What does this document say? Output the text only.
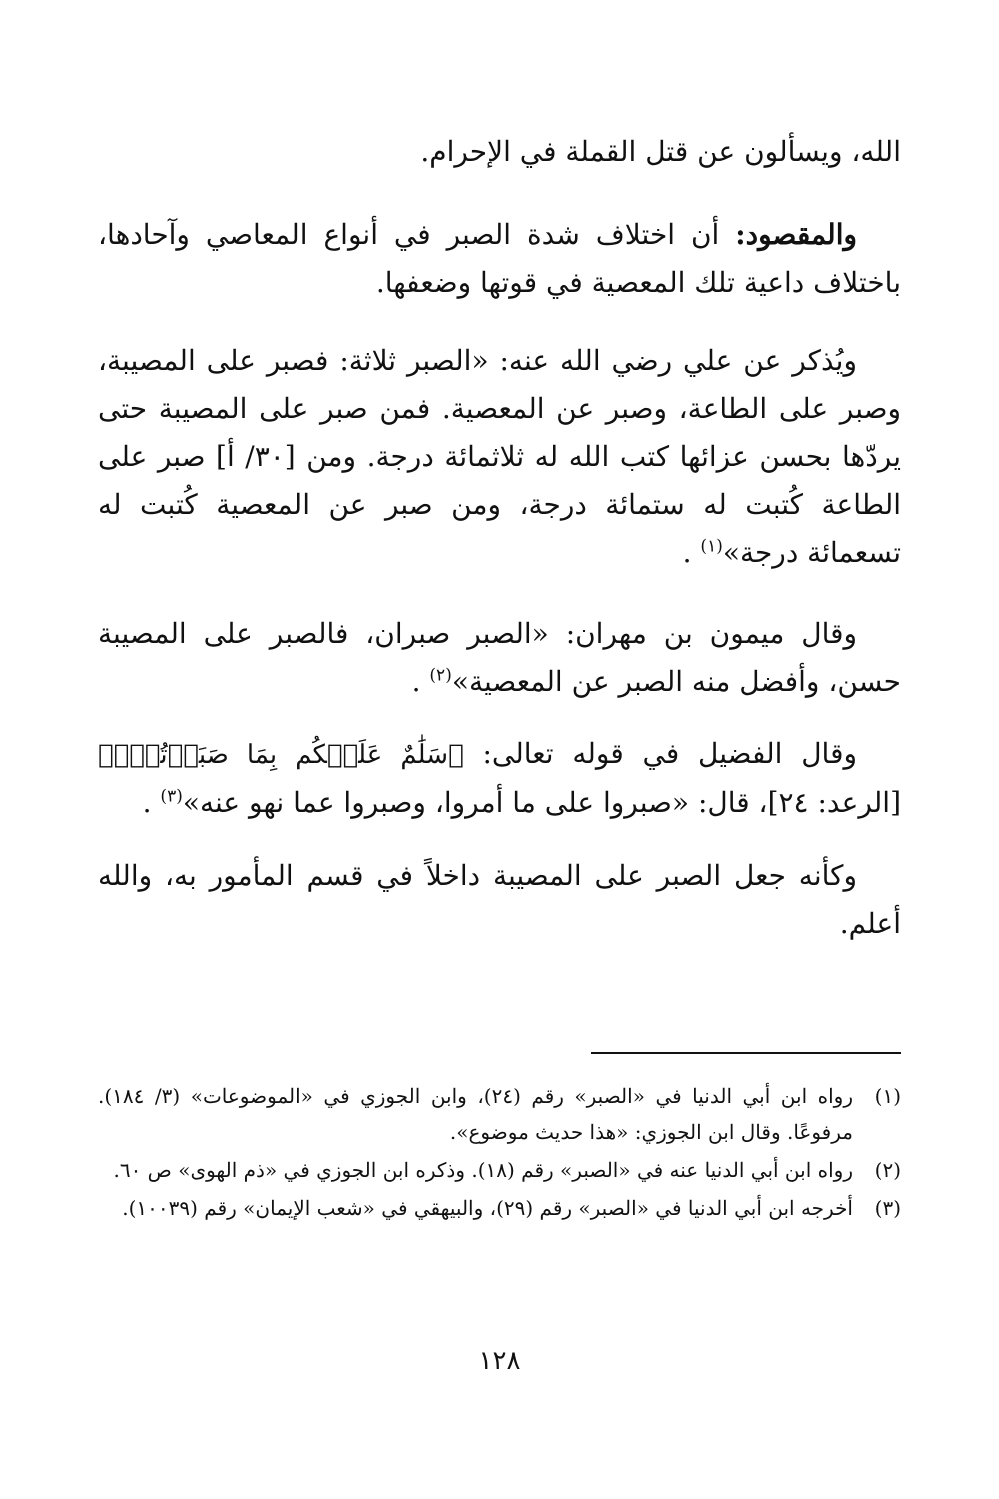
الله، ويسألون عن قتل القملة في الإحرام.

والمقصود: أن اختلاف شدة الصبر في أنواع المعاصي وآحادها، باختلاف داعية تلك المعصية في قوتها وضعفها.

ويُذكر عن علي رضي الله عنه: «الصبر ثلاثة: فصبر على المصيبة، وصبر على الطاعة، وصبر عن المعصية. فمن صبر على المصيبة حتى يردّها بحسن عزائها كتب الله له ثلاثمائة درجة. ومن [٣٠/ أ] صبر على الطاعة كُتبت له ستمائة درجة، ومن صبر عن المعصية كُتبت له تسعمائة درجة»$^{(١)}$ .

وقال ميمون بن مهران: «الصبر صبران، فالصبر على المصيبة حسن، وأفضل منه الصبر عن المعصية»$^{(٢)}$ .

وقال الفضيل في قوله تعالى: ﴿سَلَٰمٌ عَلَيۡكُم بِمَا صَبَرۡتُمۡۚ﴾ [الرعد: ٢٤]، قال: «صبروا على ما أمروا، وصبروا عما نهو عنه»$^{(٣)}$ .

وكأنه جعل الصبر على المصيبة داخلاً في قسم المأمور به، والله أعلم.

(١)
رواه ابن أبي الدنيا في «الصبر» رقم (٢٤)، وابن الجوزي في «الموضوعات» (٣/ ١٨٤). مرفوعًا. وقال ابن الجوزي: «هذا حديث موضوع».
(٢)
رواه ابن أبي الدنيا عنه في «الصبر» رقم (١٨). وذكره ابن الجوزي في «ذم الهوى» ص ٦٠.
(٣)
أخرجه ابن أبي الدنيا في «الصبر» رقم (٢٩)، والبيهقي في «شعب الإيمان» رقم (١٠٠٣٩).
١٢٨
